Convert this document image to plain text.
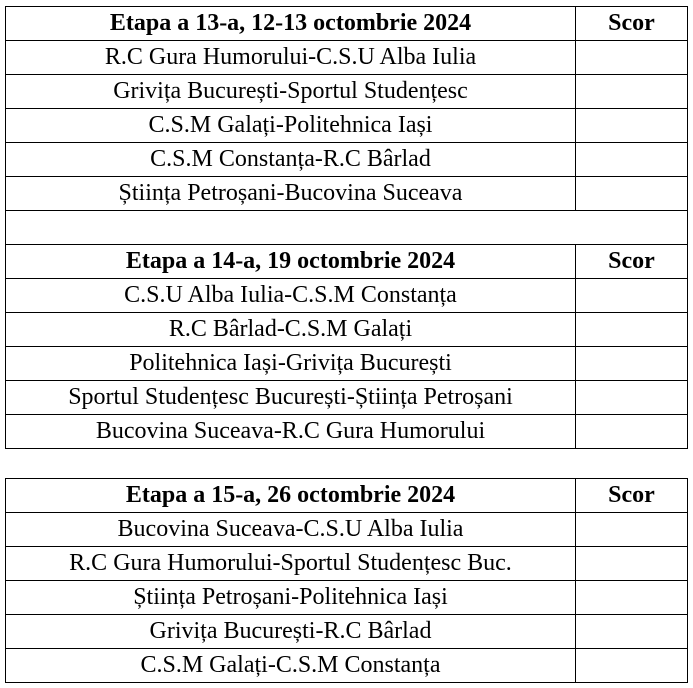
Etapa a 13-a, 12-13 octombrie 2024	Scor
R.C Gura Humorului-C.S.U Alba Iulia	
Grivița București-Sportul Studențesc	
C.S.M Galați-Politehnica Iași	
C.S.M Constanța-R.C Bârlad	
Știința Petroșani-Bucovina Suceava	

Etapa a 14-a, 19 octombrie 2024	Scor
C.S.U Alba Iulia-C.S.M Constanța	
R.C Bârlad-C.S.M Galați	
Politehnica Iași-Grivița București	
Sportul Studențesc București-Știința Petroșani	
Bucovina Suceava-R.C Gura Humorului	
Etapa a 15-a, 26 octombrie 2024	Scor
Bucovina Suceava-C.S.U Alba Iulia	
R.C Gura Humorului-Sportul Studențesc Buc.	
Știința Petroșani-Politehnica Iași	
Grivița București-R.C Bârlad	
C.S.M Galați-C.S.M Constanța	
